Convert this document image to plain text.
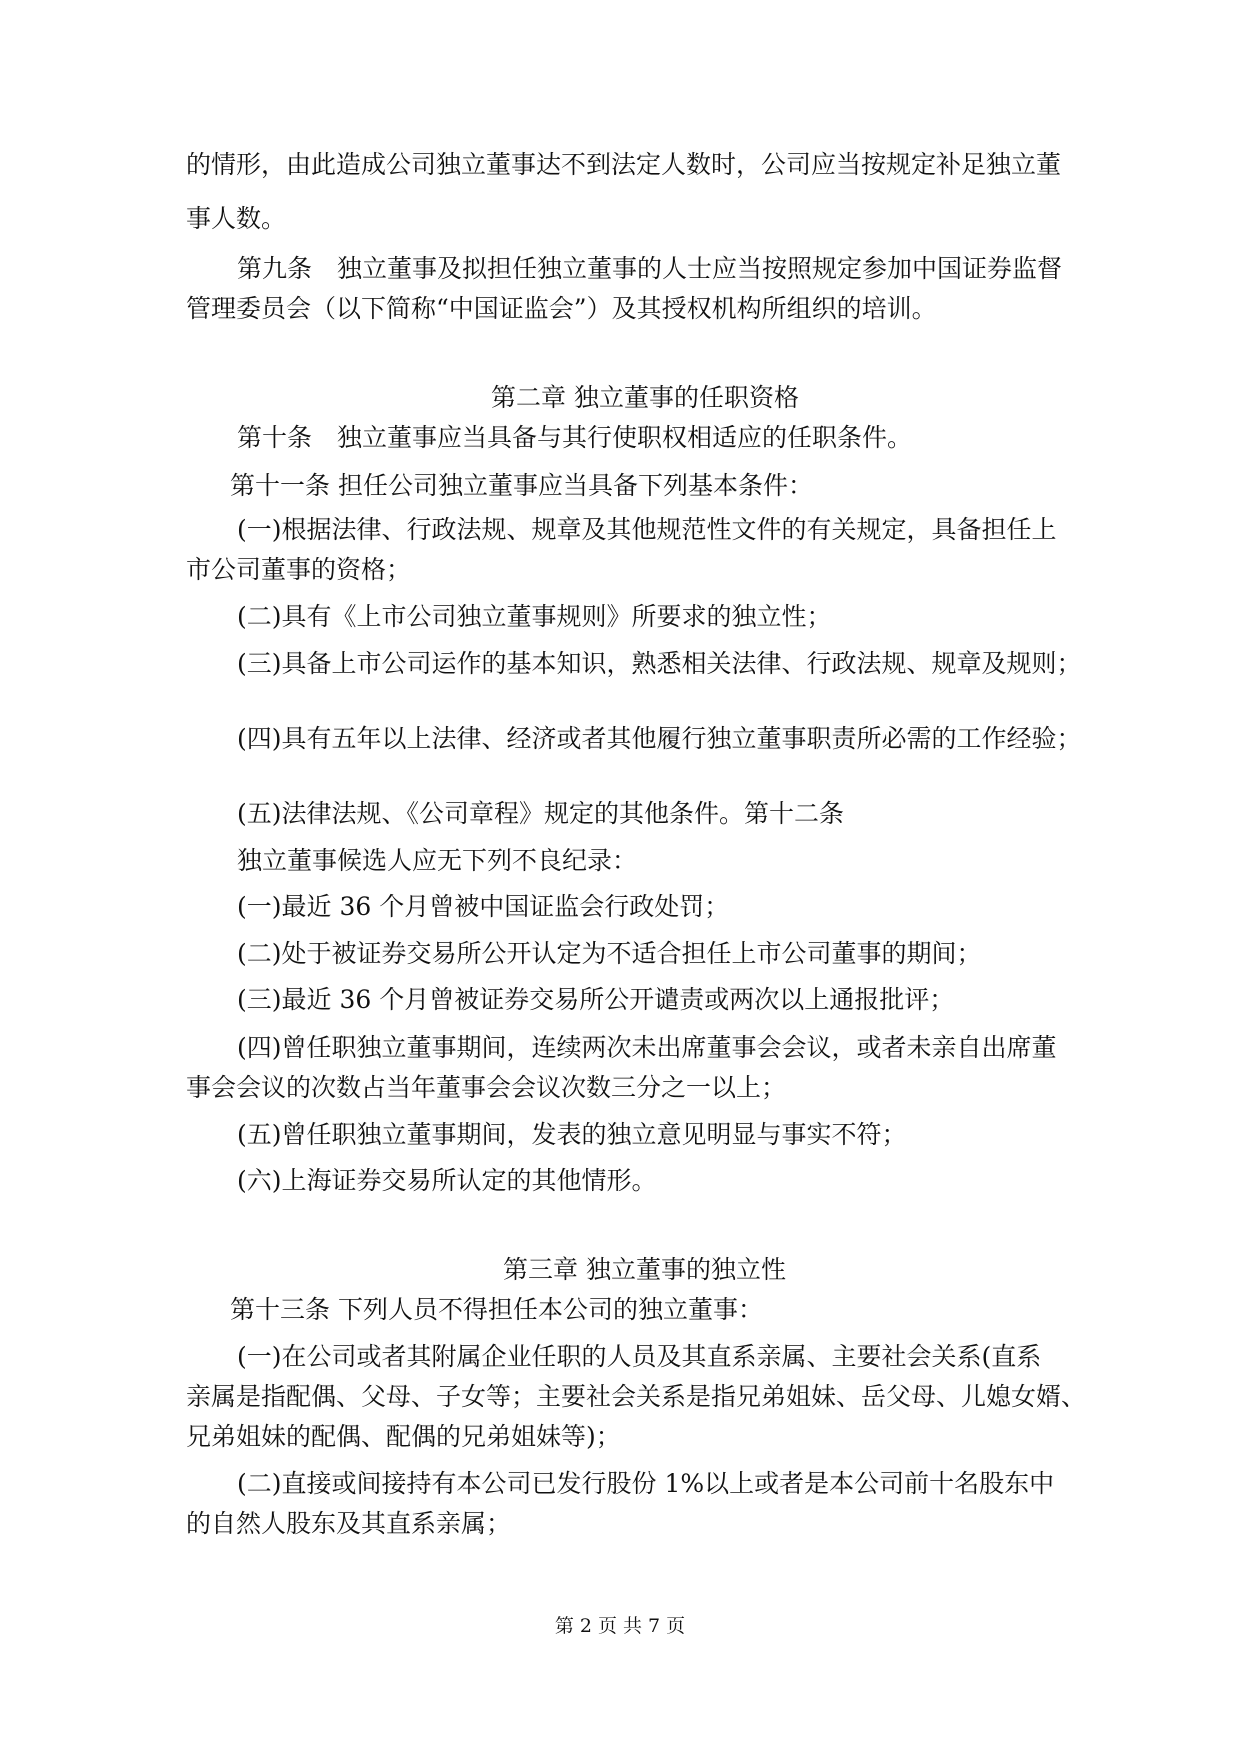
的情形，由此造成公司独立董事达不到法定人数时，公司应当按规定补足独立董

事人数。

第九条　独立董事及拟担任独立董事的人士应当按照规定参加中国证券监督

管理委员会（以下简称“中国证监会”）及其授权机构所组织的培训。

第二章 独立董事的任职资格

第十条　独立董事应当具备与其行使职权相适应的任职条件。

第十一条 担任公司独立董事应当具备下列基本条件：

(一)根据法律、行政法规、规章及其他规范性文件的有关规定，具备担任上

市公司董事的资格；

(二)具有《上市公司独立董事规则》所要求的独立性；

(三)具备上市公司运作的基本知识，熟悉相关法律、行政法规、规章及规则；

(四)具有五年以上法律、经济或者其他履行独立董事职责所必需的工作经验；

(五)法律法规、《公司章程》规定的其他条件。第十二条

独立董事候选人应无下列不良纪录：

(一)最近 36 个月曾被中国证监会行政处罚；

(二)处于被证券交易所公开认定为不适合担任上市公司董事的期间；

(三)最近 36 个月曾被证券交易所公开谴责或两次以上通报批评；

(四)曾任职独立董事期间，连续两次未出席董事会会议，或者未亲自出席董

事会会议的次数占当年董事会会议次数三分之一以上；

(五)曾任职独立董事期间，发表的独立意见明显与事实不符；

(六)上海证券交易所认定的其他情形。

第三章 独立董事的独立性

第十三条 下列人员不得担任本公司的独立董事：

(一)在公司或者其附属企业任职的人员及其直系亲属、主要社会关系(直系

亲属是指配偶、父母、子女等；主要社会关系是指兄弟姐妹、岳父母、儿媳女婿、

兄弟姐妹的配偶、配偶的兄弟姐妹等)；

(二)直接或间接持有本公司已发行股份 1%以上或者是本公司前十名股东中

的自然人股东及其直系亲属；

第 2 页 共 7 页
